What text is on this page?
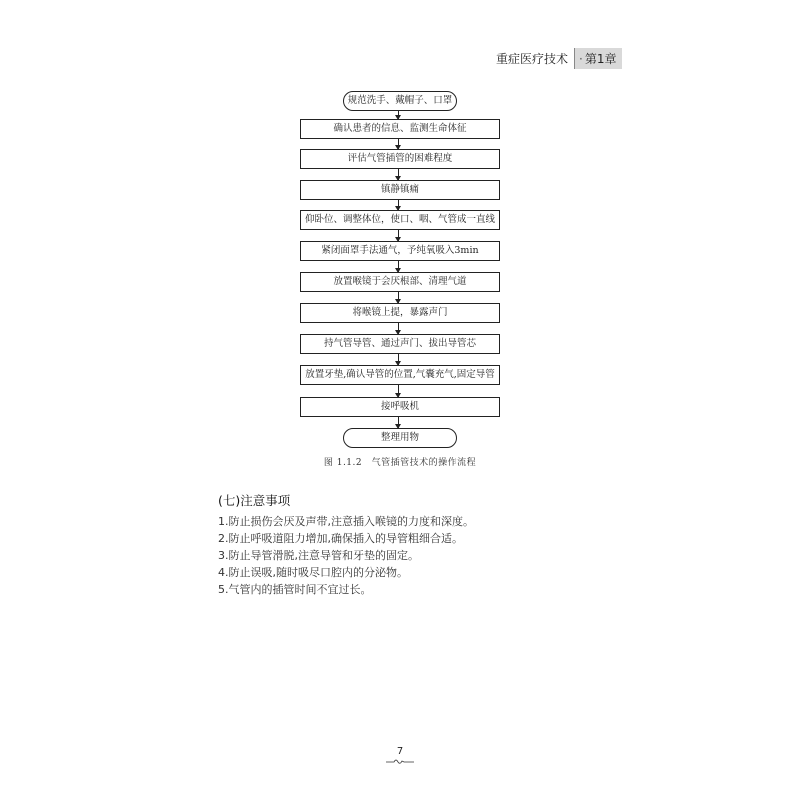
重症医疗技术
·	第1章
规范洗手、戴帽子、口罩
确认患者的信息、监测生命体征
评估气管插管的困难程度
镇静镇痛
仰卧位、调整体位，使口、咽、气管成一直线
紧闭面罩手法通气，予纯氧吸入3min
放置喉镜于会厌根部、清理气道
将喉镜上提，暴露声门
持气管导管、通过声门、拔出导管芯
放置牙垫,确认导管的位置,气囊充气,固定导管
接呼吸机
整理用物
图 1.1.2　气管插管技术的操作流程
(七)注意事项
1.防止损伤会厌及声带,注意插入喉镜的力度和深度。
2.防止呼吸道阻力增加,确保插入的导管粗细合适。
3.防止导管滑脱,注意导管和牙垫的固定。
4.防止误吸,随时吸尽口腔内的分泌物。
5.气管内的插管时间不宜过长。
7
